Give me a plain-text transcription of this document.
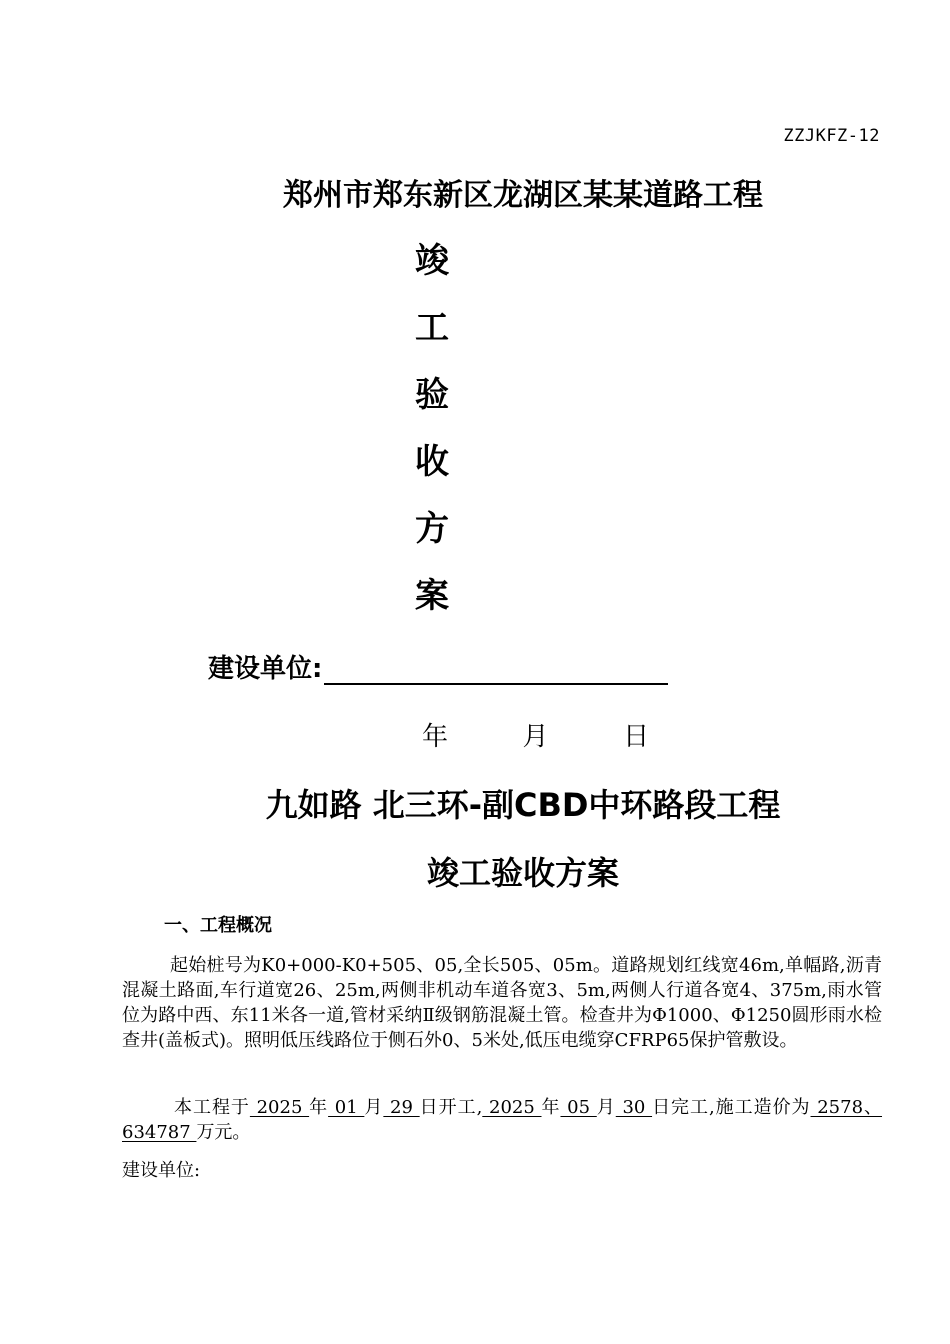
ZZJKFZ-12
郑州市郑东新区龙湖区某某道路工程
竣
工
验
收
方
案
建设单位:
年	月	日
九如路 北三环-副CBD中环路段工程
竣工验收方案
一、工程概况
起始桩号为K0+000-K0+505、05,全长505、05m。道路规划红线宽46m,单幅路,沥青混凝土路面,车行道宽26、25m,两侧非机动车道各宽3、5m,两侧人行道各宽4、375m,雨水管位为路中西、东11米各一道,管材采纳Ⅱ级钢筋混凝土管。检查井为Φ1000、Φ1250圆形雨水检查井(盖板式)。照明低压线路位于侧石外0、5米处,低压电缆穿CFRP65保护管敷设。
本工程于 2025 年 01 月 29 日开工, 2025 年 05 月 30 日完工,施工造价为 2578、634787 万元。
建设单位:
